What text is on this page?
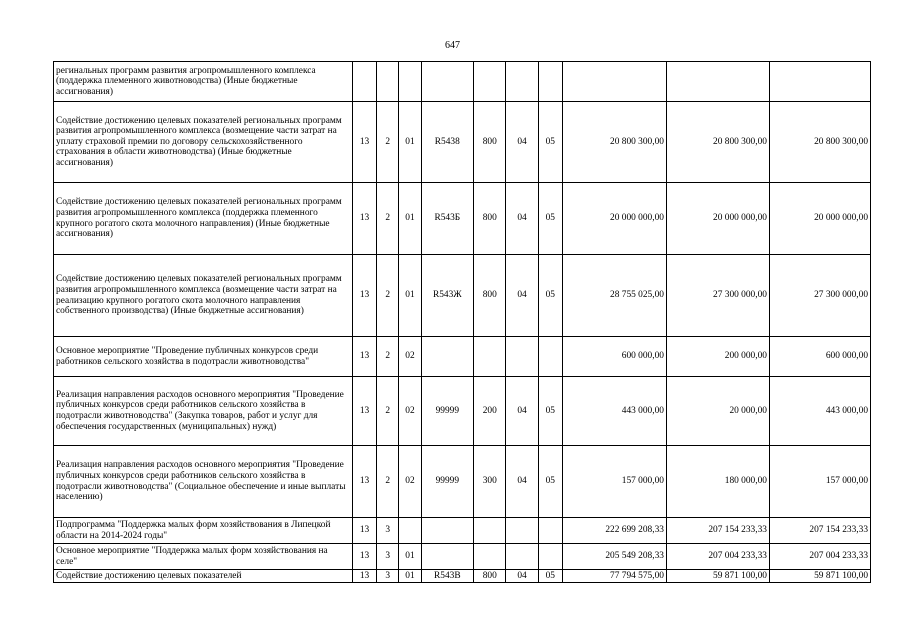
647
регинальных программ развития агропромышленного комплекса (поддержка племенного животноводства) (Иные бюджетные ассигнования)										
Содействие достижению целевых показателей региональных программ развития агропромышленного комплекса (возмещение части затрат на уплату страховой премии по договору сельскохозяйственного страхования в области животноводства) (Иные бюджетные ассигнования)	13	2	01	R5438	800	04	05	20 800 300,00	20 800 300,00	20 800 300,00
Содействие достижению целевых показателей региональных программ развития агропромышленного комплекса (поддержка племенного крупного рогатого скота молочного направления) (Иные бюджетные ассигнования)	13	2	01	R543Б	800	04	05	20 000 000,00	20 000 000,00	20 000 000,00
Содействие достижению целевых показателей региональных программ развития агропромышленного комплекса (возмещение части затрат на реализацию крупного рогатого скота молочного направления собственного производства) (Иные бюджетные ассигнования)	13	2	01	R543Ж	800	04	05	28 755 025,00	27 300 000,00	27 300 000,00
Основное мероприятие "Проведение публичных конкурсов среди работников сельского хозяйства в подотрасли животноводства"	13	2	02					600 000,00	200 000,00	600 000,00
Реализация направления расходов основного мероприятия "Проведение публичных конкурсов среди работников сельского хозяйства в подотрасли животноводства" (Закупка товаров, работ и услуг для обеспечения государственных (муниципальных) нужд)	13	2	02	99999	200	04	05	443 000,00	20 000,00	443 000,00
Реализация направления расходов основного мероприятия "Проведение публичных конкурсов среди работников сельского хозяйства в подотрасли животноводства" (Социальное обеспечение и иные выплаты населению)	13	2	02	99999	300	04	05	157 000,00	180 000,00	157 000,00
Подпрограмма "Поддержка малых форм хозяйствования в Липецкой области на 2014-2024 годы"	13	3						222 699 208,33	207 154 233,33	207 154 233,33
Основное мероприятие "Поддержка малых форм хозяйствования на селе"	13	3	01					205 549 208,33	207 004 233,33	207 004 233,33
Содействие достижению целевых показателей	13	3	01	R543В	800	04	05	77 794 575,00	59 871 100,00	59 871 100,00
